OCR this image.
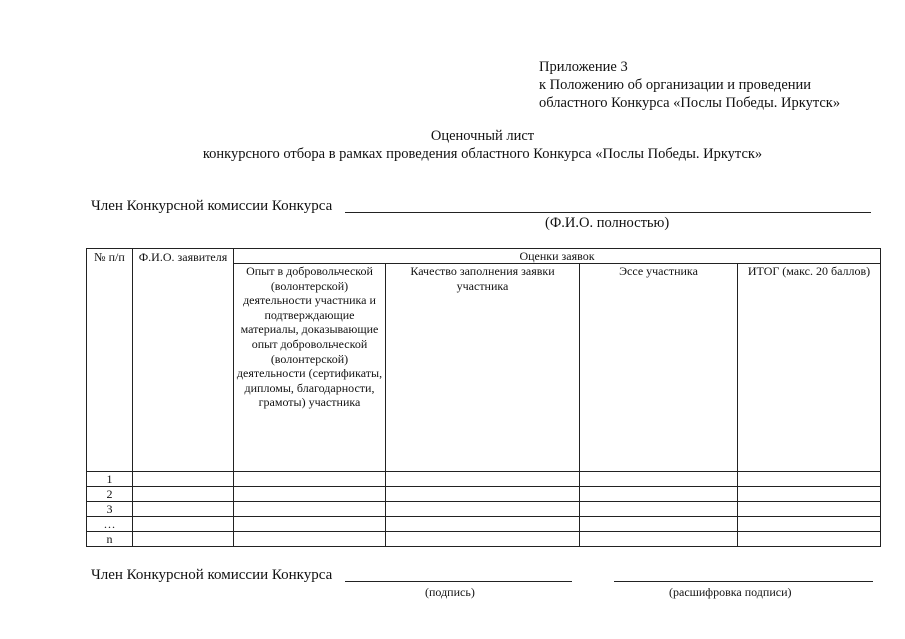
Приложение 3
к Положению об организации и проведении
областного Конкурса «Послы Победы. Иркутск»
Оценочный лист
конкурсного отбора в рамках проведения областного Конкурса «Послы Победы. Иркутск»
Член Конкурсной комиссии Конкурса
(Ф.И.О. полностью)
№ п/п	Ф.И.О. заявителя	Оценки заявок			
		Опыт в добровольческой (волонтерской) деятельности участника и подтверждающие материалы, доказывающие опыт добровольческой (волонтерской) деятельности (сертификаты, дипломы, благодарности, грамоты) участника	Качество заполнения заявки участника	Эссе участника	ИТОГ (макс. 20 баллов)
1					
2					
3					
…					
n					
Член Конкурсной комиссии Конкурса
(подпись)	(расшифровка подписи)
